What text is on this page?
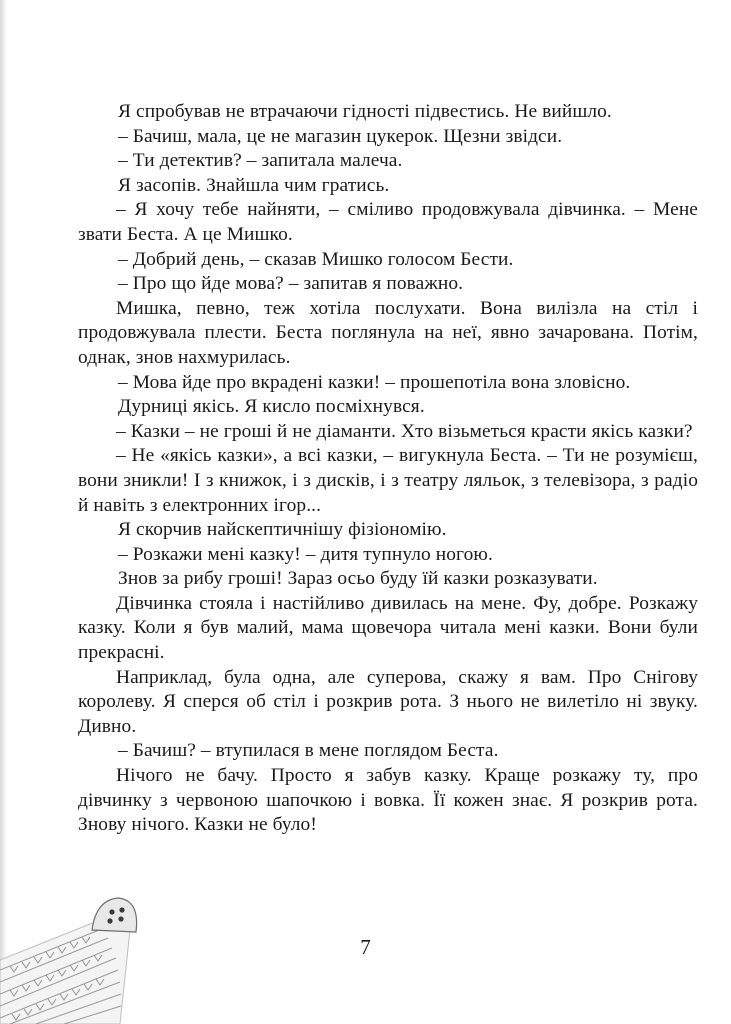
Я спробував не втрачаючи гідності підвестись. Не вийшло.

– Бачиш, мала, це не магазин цукерок. Щезни звідси.

– Ти детектив? – запитала малеча.

Я засопів. Знайшла чим гратись.

– Я хочу тебе найняти, – сміливо продовжувала дівчинка. – Мене звати Беста. А це Мишко.

– Добрий день, – сказав Мишко голосом Бести.

– Про що йде мова? – запитав я поважно.

Мишка, певно, теж хотіла послухати. Вона вилізла на стіл і продовжувала плести. Беста поглянула на неї, явно зачарована. Потім, однак, знов нахмурилась.

– Мова йде про вкрадені казки! – прошепотіла вона зловісно.

Дурниці якісь. Я кисло посміхнувся.

– Казки – не гроші й не діаманти. Хто візьметься красти якісь казки?

– Не «якісь казки», а всі казки, – вигукнула Беста. – Ти не розумієш, вони зникли! І з книжок, і з дисків, і з театру ляльок, з телевізора, з радіо й навіть з електронних ігор...

Я скорчив найскептичнішу фізіономію.

– Розкажи мені казку! – дитя тупнуло ногою.

Знов за рибу гроші! Зараз осьо буду їй казки розказувати.

Дівчинка стояла і настійливо дивилась на мене. Фу, добре. Розкажу казку. Коли я був малий, мама щовечора читала мені казки. Вони були прекрасні.

Наприклад, була одна, але суперова, скажу я вам. Про Снігову королеву. Я сперся об стіл і розкрив рота. З нього не вилетіло ні звуку. Дивно.

– Бачиш? – втупилася в мене поглядом Беста.

Нічого не бачу. Просто я забув казку. Краще розкажу ту, про дівчинку з червоною шапочкою і вовка. Її кожен знає. Я розкрив рота. Знову нічого. Казки не було!

7
